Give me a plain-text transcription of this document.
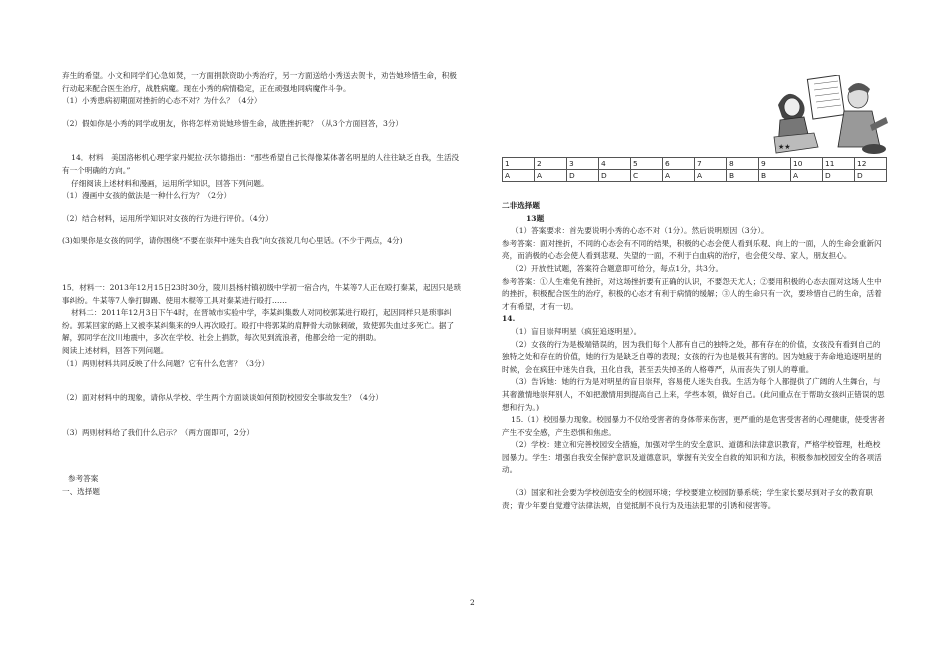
弃生的希望。小文和同学们心急如焚，一方面捐款资助小秀治疗，另一方面送给小秀送去贺卡，劝告她珍惜生命，积极行动起来配合医生治疗，战胜病魔。现在小秀的病情稳定，正在顽强地同病魔作斗争。

（1）小秀患病初期面对挫折的心态不对？为什么？（4分）

（2）假如你是小秀的同学或朋友，你将怎样劝说她珍惜生命，战胜挫折呢？（从3个方面回答，3分）

14．材料　美国洛彬机心理学家丹妮拉·沃尔德指出：“那些希望自己长得像某体著名明星的人往往缺乏自我，生活没有一个明确的方向。”

仔细阅读上述材料和漫画，运用所学知识，回答下列问题。

（1）漫画中女孩的做法是一种什么行为？（2分）

（2）结合材料，运用所学知识对女孩的行为进行评价。（4分）

(3)如果你是女孩的同学，请你围绕“不要在崇拜中迷失自我”向女孩说几句心里话。(不少于两点，4分)

15．材料一：2013年12月15日23时30分，陵川县杨村镇初级中学初一宿合内，牛某等7人正在殴打秦某，起因只是琐事纠纷。牛某等7人拳打脚踢、使用木棍等工具对秦某进行殴打……

材料二：2011年12月3日下午4时，在晋城市实验中学，李某纠集数人对同校郭某进行殴打，起因同样只是琐事纠纷。郭某回家的路上又被李某纠集来的9人再次殴打。殴打中将郭某的肩胛骨大动脉刺破，致使郭失血过多死亡。据了解，郭同学在汶川地震中，多次在学校、社会上捐款，每次见到流浪者，他都会给一定的捐助。

阅读上述材料，回答下列问题。

（1）两则材料共同反映了什么问题？它有什么危害？（3分）

（2）面对材料中的现象，请你从学校、学生两个方面谈谈如何预防校园安全事故发生？（4分）

（3）两则材料给了我们什么启示？（两方面即可，2分）

参考答案

一、选择题

★★
1	2	3	4	5	6	7	8	9	10	11	12
A	A	D	D	C	A	A	B	B	A	D	D

二非选择题

13题

（1）答案要求：首先要说明小秀的心态不对（1分）。然后说明原因（3分）。

参考答案：面对挫折，不同的心态会有不同的结果，积极的心态会使人看到乐观、向上的一面，人的生命会重新闪亮，而消极的心态会使人看到悲观、失望的一面，不利于白血病的治疗，也会使父母、家人，朋友担心。

（2）开放性试题，答案符合题意即可给分，每点1分，共3分。

参考答案：①人生难免有挫折，对这场挫折要有正确的认识，不要怨天尤人；②要用积极的心态去面对这场人生中的挫折，积极配合医生的治疗，积极的心态才有利于病情的缓解；③人的生命只有一次，要珍惜自己的生命，活着才有希望，才有一切。

14.

（1）盲目崇拜明星（疯狂追逐明星）。

（2）女孩的行为是极端错误的，因为我们每个人都有自己的独特之处，都有存在的价值，女孩没有看到自己的独特之处和存在的价值，她的行为是缺乏自尊的表现；女孩的行为也是极其有害的。因为她疲于奔命地追逐明星的时候，会在疯狂中迷失自我，丑化自我，甚至丢失掉圣的人格尊严，从而丧失了别人的尊重。

（3）告诉她：她的行为是对明星的盲目崇拜，容易使人迷失自我。生活为每个人都提供了广阔的人生舞台，与其奢激情地崇拜别人，不如把激情用到提高自己上来，学些本领，做好自己。(此问重点在于帮助女孩纠正错误的思想和行为。)

15.（1）校园暴力现象。校园暴力不仅给受害者的身体带来伤害，更严重的是危害受害者的心理健康，使受害者产生不安全感，产生恐惧和焦虑。

（2）学校：建立和完善校园安全措施，加强对学生的安全意识、道德和法律意识教育，严格学校管理，杜绝校园暴力。学生：增强自我安全保护意识及道德意识，掌握有关安全自救的知识和方法，积极参加校园安全的各项活动。

（3）国家和社会要为学校创造安全的校园环境；学校要建立校园防暴系统；学生家长要尽到对子女的教育职责；青少年要自觉遵守法律法规，自觉抵制不良行为及违法犯罪的引诱和侵害等。

2
